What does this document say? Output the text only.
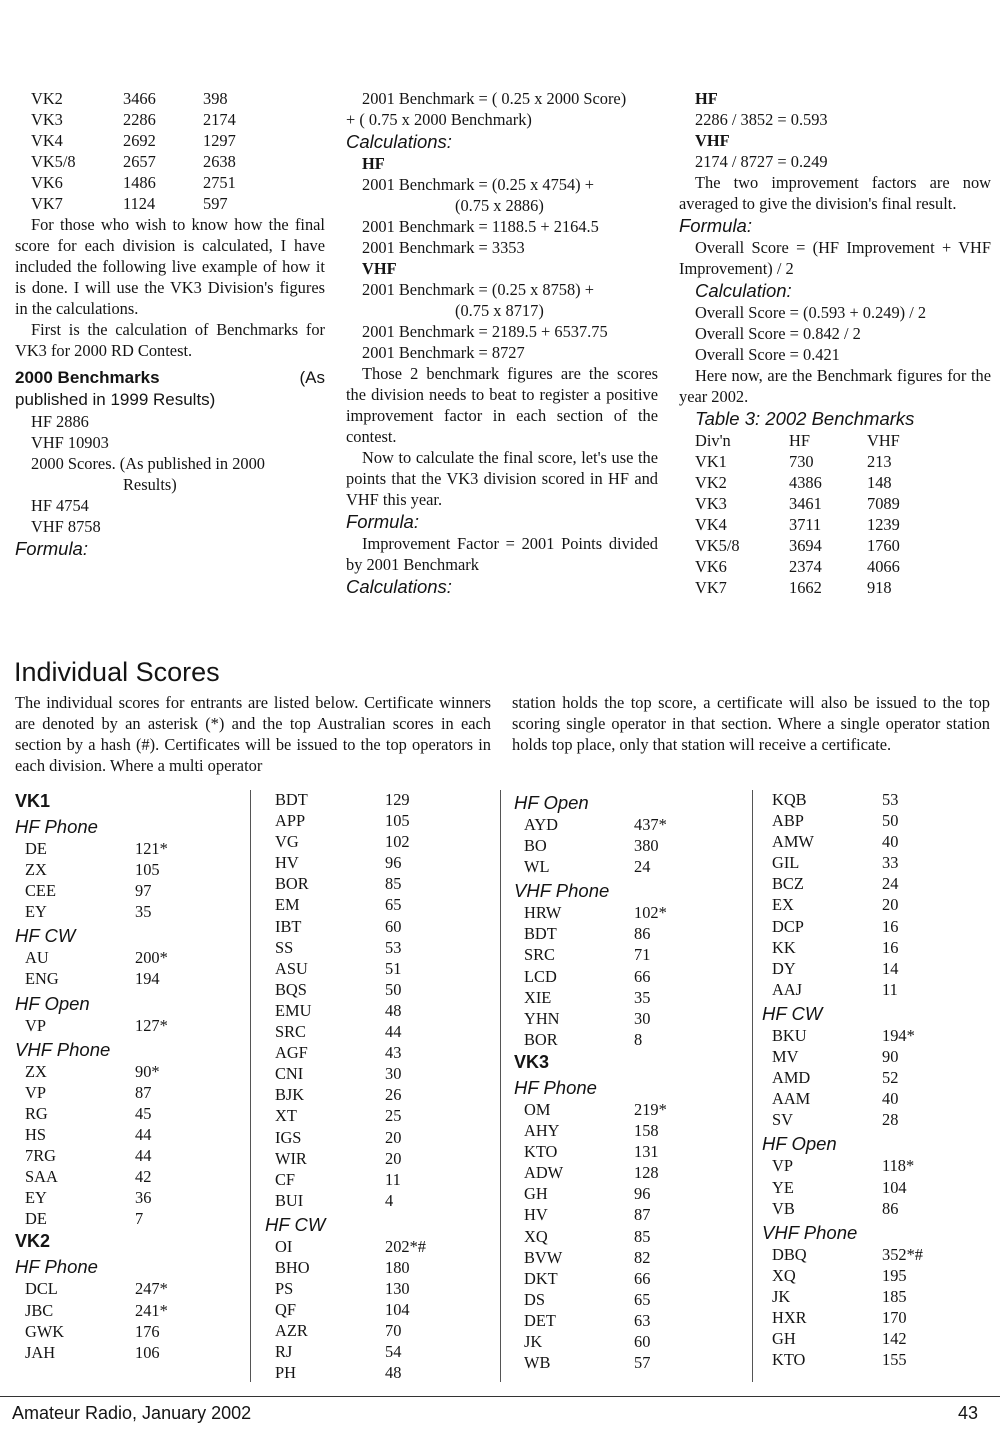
VK2	3466	398
VK3	2286	2174
VK4	2692	1297
VK5/8	2657	2638
VK6	1486	2751
VK7	1124	597
For those who wish to know how the final score for each division is calculated, I have included the following live example of how it is done. I will use the VK3 Division's figures in the calculations.
First is the calculation of Benchmarks for VK3 for 2000 RD Contest.
2000 Benchmarks	(As
published in 1999 Results)
HF 2886
VHF 10903
2000 Scores. (As published in 2000
Results)
HF 4754
VHF 8758
Formula:
2001 Benchmark = ( 0.25 x 2000 Score)
+ ( 0.75 x 2000 Benchmark)
Calculations:
HF
2001 Benchmark = (0.25 x 4754) +
(0.75 x 2886)
2001 Benchmark = 1188.5 + 2164.5
2001 Benchmark = 3353
VHF
2001 Benchmark = (0.25 x 8758) +
(0.75 x 8717)
2001 Benchmark = 2189.5 + 6537.75
2001 Benchmark = 8727
Those 2 benchmark figures are the scores the division needs to beat to register a positive improvement factor in each section of the contest.
Now to calculate the final score, let's use the points that the VK3 division scored in HF and VHF this year.
Formula:
Improvement Factor = 2001 Points divided by 2001 Benchmark
Calculations:
HF
2286 / 3852 = 0.593
VHF
2174 / 8727 = 0.249
The two improvement factors are now averaged to give the division's final result.
Formula:
Overall Score = (HF Improvement + VHF Improvement) / 2
Calculation:
Overall Score = (0.593 + 0.249) / 2
Overall Score = 0.842 / 2
Overall Score = 0.421
Here now, are the Benchmark figures for the year 2002.
Table 3: 2002 Benchmarks
Div'n	HF	VHF
VK1	730	213
VK2	4386	148
VK3	3461	7089
VK4	3711	1239
VK5/8	3694	1760
VK6	2374	4066
VK7	1662	918
Individual Scores
The individual scores for entrants are listed below. Certificate winners are denoted by an asterisk (*) and the top Australian scores in each section by a hash (#). Certificates will be issued to the top operators in each division. Where a multi operator
station holds the top score, a certificate will also be issued to the top scoring single operator in that section. Where a single operator station holds top place, only that station will receive a certificate.
VK1
HF Phone
DE	121*
ZX	105
CEE	97
EY	35
HF CW
AU	200*
ENG	194
HF Open
VP	127*
VHF Phone
ZX	90*
VP	87
RG	45
HS	44
7RG	44
SAA	42
EY	36
DE	7
VK2
HF Phone
DCL	247*
JBC	241*
GWK	176
JAH	106
BDT	129
APP	105
VG	102
HV	96
BOR	85
EM	65
IBT	60
SS	53
ASU	51
BQS	50
EMU	48
SRC	44
AGF	43
CNI	30
BJK	26
XT	25
IGS	20
WIR	20
CF	11
BUI	4
HF CW
OI	202*#
BHO	180
PS	130
QF	104
AZR	70
RJ	54
PH	48
HF Open
AYD	437*
BO	380
WL	24
VHF Phone
HRW	102*
BDT	86
SRC	71
LCD	66
XIE	35
YHN	30
BOR	8
VK3
HF Phone
OM	219*
AHY	158
KTO	131
ADW	128
GH	96
HV	87
XQ	85
BVW	82
DKT	66
DS	65
DET	63
JK	60
WB	57
KQB	53
ABP	50
AMW	40
GIL	33
BCZ	24
EX	20
DCP	16
KK	16
DY	14
AAJ	11
HF CW
BKU	194*
MV	90
AMD	52
AAM	40
SV	28
HF Open
VP	118*
YE	104
VB	86
VHF Phone
DBQ	352*#
XQ	195
JK	185
HXR	170
GH	142
KTO	155
Amateur Radio, January 2002	43
